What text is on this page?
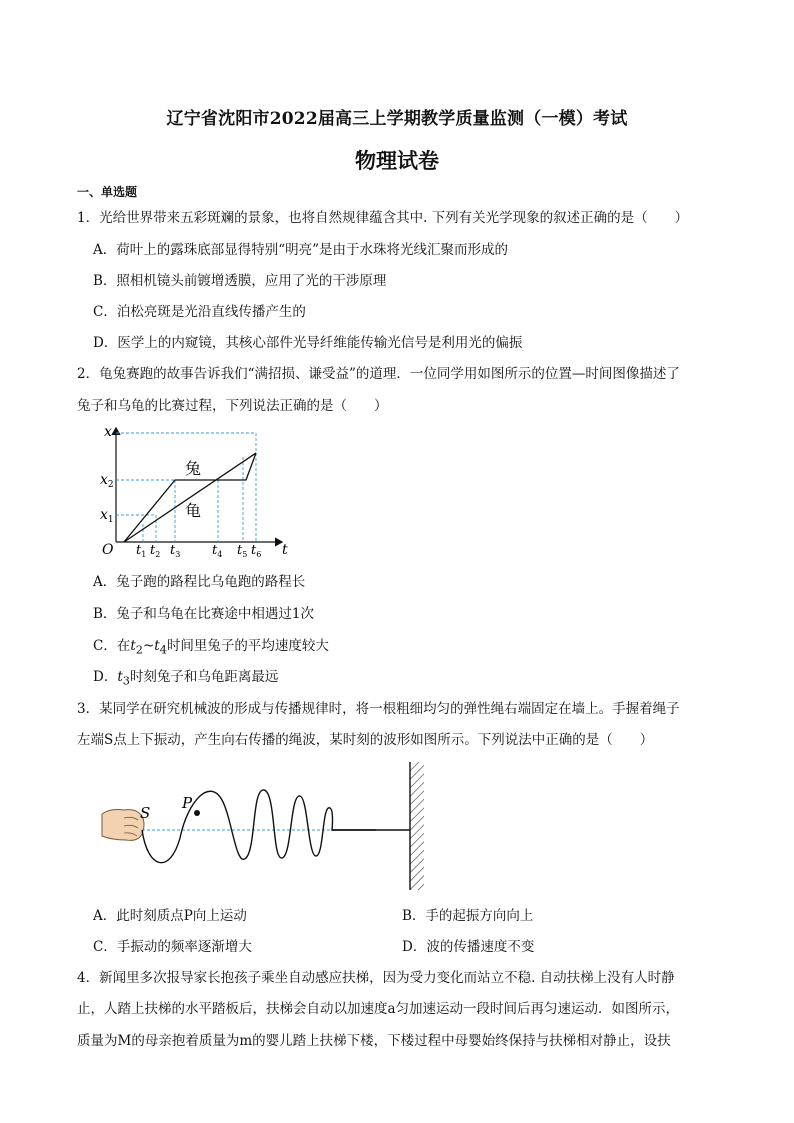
辽宁省沈阳市2022届高三上学期教学质量监测（一模）考试
物理试卷
一、单选题
1．光给世界带来五彩斑斓的景象，也将自然规律蕴含其中. 下列有关光学现象的叙述正确的是（　　）
A．荷叶上的露珠底部显得特别“明亮”是由于水珠将光线汇聚而形成的
B．照相机镜头前镀增透膜，应用了光的干涉原理
C．泊松亮斑是光沿直线传播产生的
D．医学上的内窥镜，其核心部件光导纤维能传输光信号是利用光的偏振
2．龟兔赛跑的故事告诉我们“满招损、谦受益”的道理．一位同学用如图所示的位置—时间图像描述了
兔子和乌龟的比赛过程，下列说法正确的是（　　）
x
t
O
兔
龟
$x_2$
$x_1$
$t_1$ $t_2$ $t_3$ $t_4$ $t_5$ $t_6$
A．兔子跑的路程比乌龟跑的路程长
B．兔子和乌龟在比赛途中相遇过1次
C．在$t_2\sim t_4$时间里兔子的平均速度较大
D．$t_3$时刻兔子和乌龟距离最远
3．某同学在研究机械波的形成与传播规律时，将一根粗细均匀的弹性绳右端固定在墙上。手握着绳子
左端S点上下振动，产生向右传播的绳波，某时刻的波形如图所示。下列说法中正确的是（　　）
P
S
A．此时刻质点P向上运动	B．手的起振方向向上
C．手振动的频率逐渐增大	D．波的传播速度不变
4．新闻里多次报导家长抱孩子乘坐自动感应扶梯，因为受力变化而站立不稳. 自动扶梯上没有人时静
止，人踏上扶梯的水平踏板后，扶梯会自动以加速度a匀加速运动一段时间后再匀速运动．如图所示，
质量为M的母亲抱着质量为m的婴儿踏上扶梯下楼，下楼过程中母婴始终保持与扶梯相对静止，设扶
